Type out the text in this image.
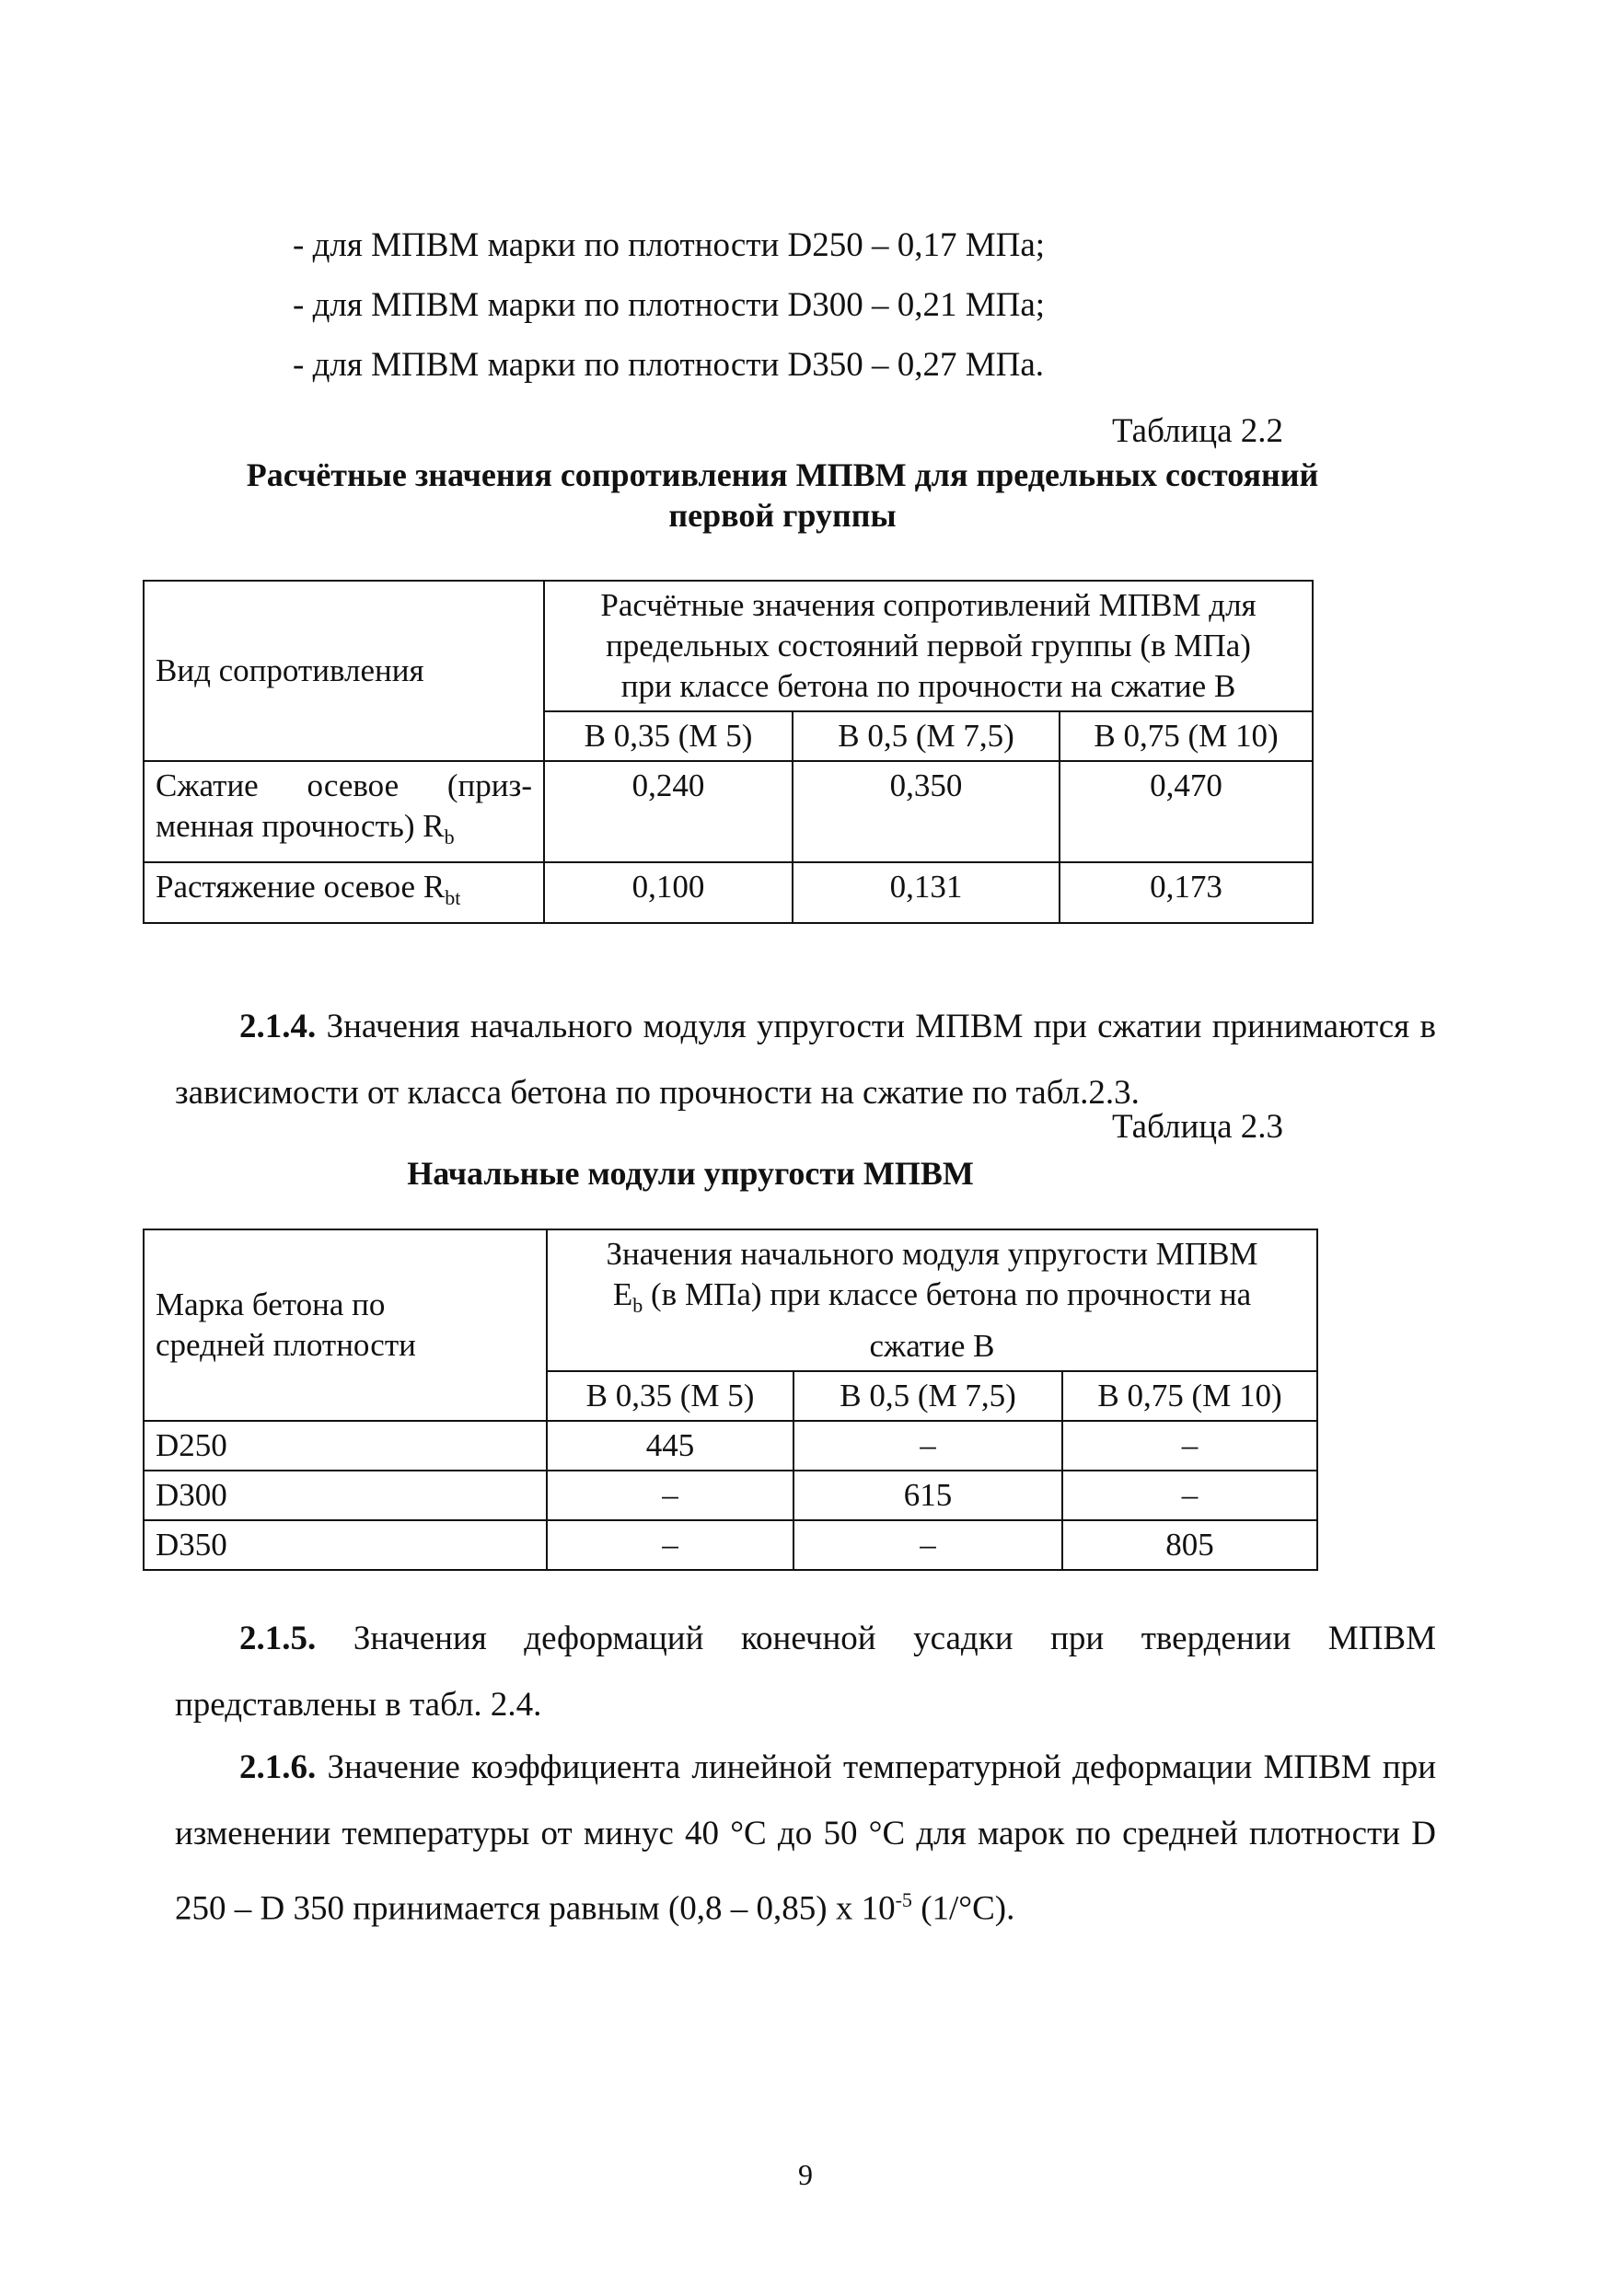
- для МПВМ марки по плотности D250 – 0,17 МПа;
- для МПВМ марки по плотности D300 – 0,21 МПа;
- для МПВМ марки по плотности D350 – 0,27 МПа.
Таблица 2.2
Расчётные значения сопротивления МПВМ для предельных состояний
первой группы
Вид сопротивления	Расчётные значения сопротивлений МПВМ для предельных состояний первой группы (в МПа) при классе бетона по прочности на сжатие В		
	В 0,35 (М 5)	В 0,5 (М 7,5)	В 0,75 (М 10)

Сжатие осевое (приз-
менная прочность) $R_b$	0,240	0,350	0,470
Растяжение осевое $R_{bt}$	0,100	0,131	0,173
2.1.4. Значения начального модуля упругости МПВМ при сжатии принимаются в зависимости от класса бетона по прочности на сжатие по табл.2.3.
Таблица 2.3
Начальные модули упругости МПВМ
Марка бетона по средней плотности	Значения начального модуля упругости МПВМ
$E_b$ (в МПа) при классе бетона по прочности на
сжатие В		

	В 0,35 (М 5)	В 0,5 (М 7,5)	В 0,75 (М 10)
D250	445	–	–
D300	–	615	–
D350	–	–	805
2.1.5. Значения деформаций конечной усадки при твердении МПВМ представлены в табл. 2.4.
2.1.6. Значение коэффициента линейной температурной деформации МПВМ при изменении температуры от минус 40 °С до 50 °С для марок по средней плотности D 250 – D 350 принимается равным (0,8 – 0,85) x $10^{-5}$ (1/°С).
9
